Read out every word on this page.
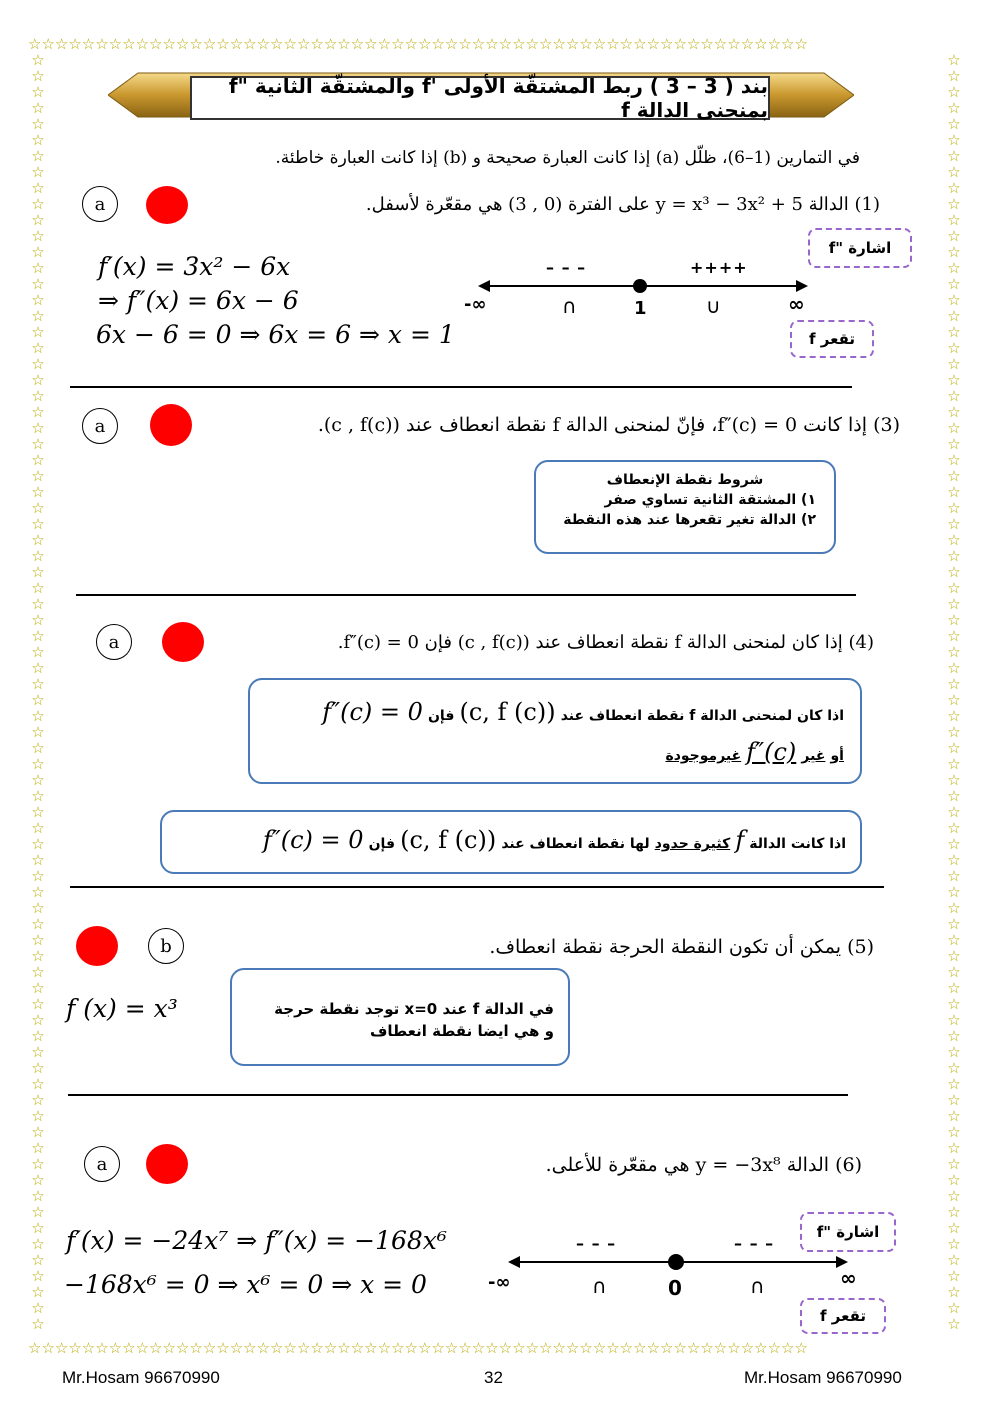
☆☆☆☆☆☆☆☆☆☆☆☆☆☆☆☆☆☆☆☆☆☆☆☆☆☆☆☆☆☆☆☆☆☆☆☆☆☆☆☆☆☆☆☆☆☆☆☆☆☆☆☆☆☆☆☆☆☆
☆☆☆☆☆☆☆☆☆☆☆☆☆☆☆☆☆☆☆☆☆☆☆☆☆☆☆☆☆☆☆☆☆☆☆☆☆☆☆☆☆☆☆☆☆☆☆☆☆☆☆☆☆☆☆☆☆☆
☆
☆
☆
☆
☆
☆
☆
☆
☆
☆
☆
☆
☆
☆
☆
☆
☆
☆
☆
☆
☆
☆
☆
☆
☆
☆
☆
☆
☆
☆
☆
☆
☆
☆
☆
☆
☆
☆
☆
☆
☆
☆
☆
☆
☆
☆
☆
☆
☆
☆
☆
☆
☆
☆
☆
☆
☆
☆
☆
☆
☆
☆
☆
☆
☆
☆
☆
☆
☆
☆
☆
☆
☆
☆
☆
☆
☆
☆
☆
☆
☆
☆
☆
☆
☆
☆
☆
☆
☆
☆
☆
☆
☆
☆
☆
☆
☆
☆
☆
☆
☆
☆
☆
☆
☆
☆
☆
☆
☆
☆
☆
☆
☆
☆
☆
☆
☆
☆
☆
☆
☆
☆
☆
☆
☆
☆
☆
☆
☆
☆
☆
☆
☆
☆
☆
☆
☆
☆
☆
☆
☆
☆
☆
☆
☆
☆
☆
☆
☆
☆
☆
☆
☆
☆
☆
☆
☆
☆
☆
☆
بند ( 3 – 3 ) ربط المشتقّة الأولى 'f والمشتقّة الثانية "f بمنحنى الدالة f
في التمارين (1–6)، ظلّل (a) إذا كانت العبارة صحيحة و (b) إذا كانت العبارة خاطئة.
a	(1) الدالة y = x³ − 3x² + 5 على الفترة (0 , 3) هي مقعّرة لأسفل.
f′(x) = 3x² − 6x
⇒ f″(x) = 6x − 6
6x − 6 = 0 ⇒ 6x = 6 ⇒ x = 1
اشارة "f
تقعر f
– – –	++++
-∞	∞
1
∩	∪
a	(3) إذا كانت f″(c) = 0، فإنّ لمنحنى الدالة f نقطة انعطاف عند (c , f(c)).
شروط نقطة الإنعطاف
١) المشتقة الثانية تساوي صفر
٢) الدالة تغير تقعرها عند هذه النقطة
a	(4) إذا كان لمنحنى الدالة f نقطة انعطاف عند (c , f(c)) فإن f″(c) = 0.
اذا كان لمنحنى الدالة f نقطة انعطاف عند (c, f (c)) فإن f″(c) = 0
أو غير f″(c) غيرموجودة
اذا كانت الدالة f كثيرة حدود لها نقطة انعطاف عند (c, f (c)) فإن f″(c) = 0
b	(5) يمكن أن تكون النقطة الحرجة نقطة انعطاف.
f (x) = x³	في الدالة f عند x=0 توجد نقطة حرجة
و هي ايضا نقطة انعطاف
a	(6) الدالة y = −3x⁸ هي مقعّرة للأعلى.
f′(x) = −24x⁷ ⇒ f″(x) = −168x⁶
−168x⁶ = 0 ⇒ x⁶ = 0 ⇒ x = 0
اشارة "f
تقعر f
– – –	– – –
-∞	∞
0
∩	∩
Mr.Hosam 96670990	32	Mr.Hosam 96670990
